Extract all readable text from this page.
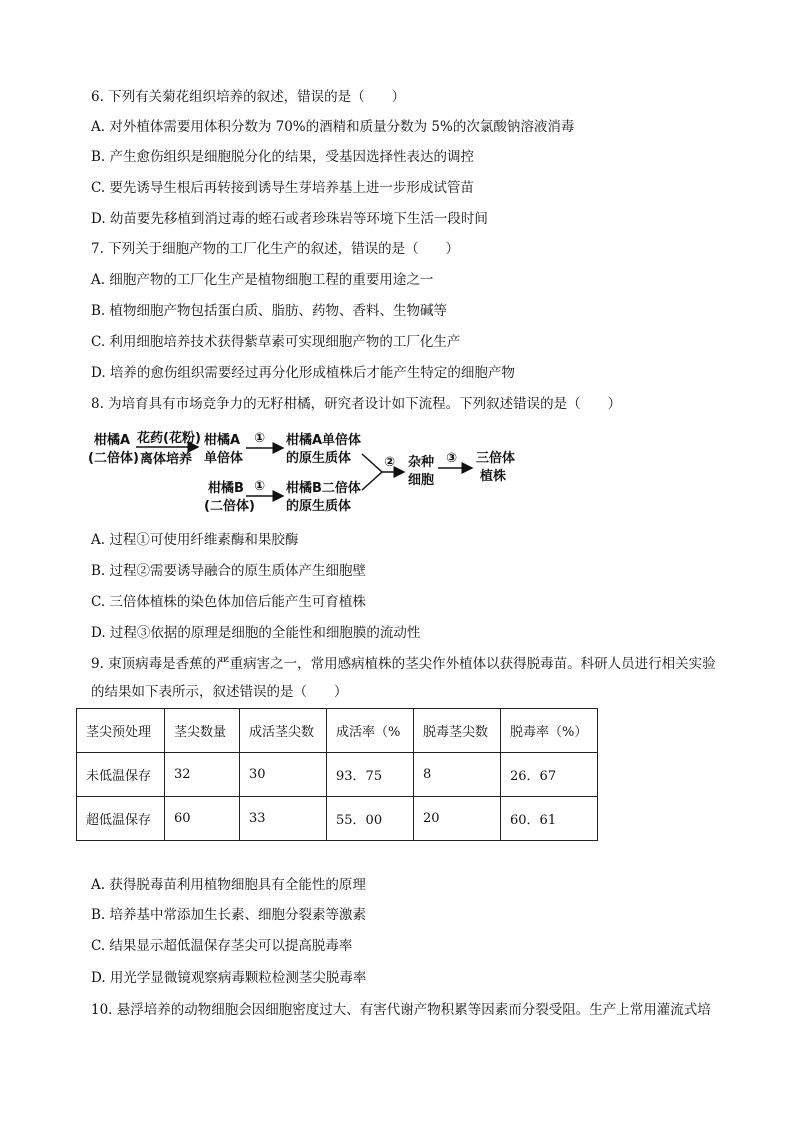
6. 下列有关菊花组织培养的叙述，错误的是（　　）
A. 对外植体需要用体积分数为 70%的酒精和质量分数为 5%的次氯酸钠溶液消毒
B. 产生愈伤组织是细胞脱分化的结果，受基因选择性表达的调控
C. 要先诱导生根后再转接到诱导生芽培养基上进一步形成试管苗
D. 幼苗要先移植到消过毒的蛭石或者珍珠岩等环境下生活一段时间
7. 下列关于细胞产物的工厂化生产的叙述，错误的是（　　）
A. 细胞产物的工厂化生产是植物细胞工程的重要用途之一
B. 植物细胞产物包括蛋白质、脂肪、药物、香料、生物碱等
C. 利用细胞培养技术获得紫草素可实现细胞产物的工厂化生产
D. 培养的愈伤组织需要经过再分化形成植株后才能产生特定的细胞产物
8. 为培育具有市场竞争力的无籽柑橘，研究者设计如下流程。下列叙述错误的是（　　）
柑橘A
(二倍体)
花药(花粉)
离体培养
柑橘A
单倍体
① 柑橘A单倍体
的原生质体
柑橘B
(二倍体)
① 柑橘B二倍体
的原生质体
② 杂种
细胞
③ 三倍体
植株
A. 过程①可使用纤维素酶和果胶酶
B. 过程②需要诱导融合的原生质体产生细胞壁
C. 三倍体植株的染色体加倍后能产生可育植株
D. 过程③依据的原理是细胞的全能性和细胞膜的流动性
9. 束顶病毒是香蕉的严重病害之一，常用感病植株的茎尖作外植体以获得脱毒苗。科研人员进行相关实验
的结果如下表所示，叙述错误的是（　　）
茎尖预处理	茎尖数量	成活茎尖数	成活率（%	脱毒茎尖数	脱毒率（%）
未低温保存	32	30	93．75	8	26．67
超低温保存	60	33	55．00	20	60．61
A. 获得脱毒苗利用植物细胞具有全能性的原理
B. 培养基中常添加生长素、细胞分裂素等激素
C. 结果显示超低温保存茎尖可以提高脱毒率
D. 用光学显微镜观察病毒颗粒检测茎尖脱毒率
10. 悬浮培养的动物细胞会因细胞密度过大、有害代谢产物积累等因素而分裂受阻。生产上常用灌流式培
